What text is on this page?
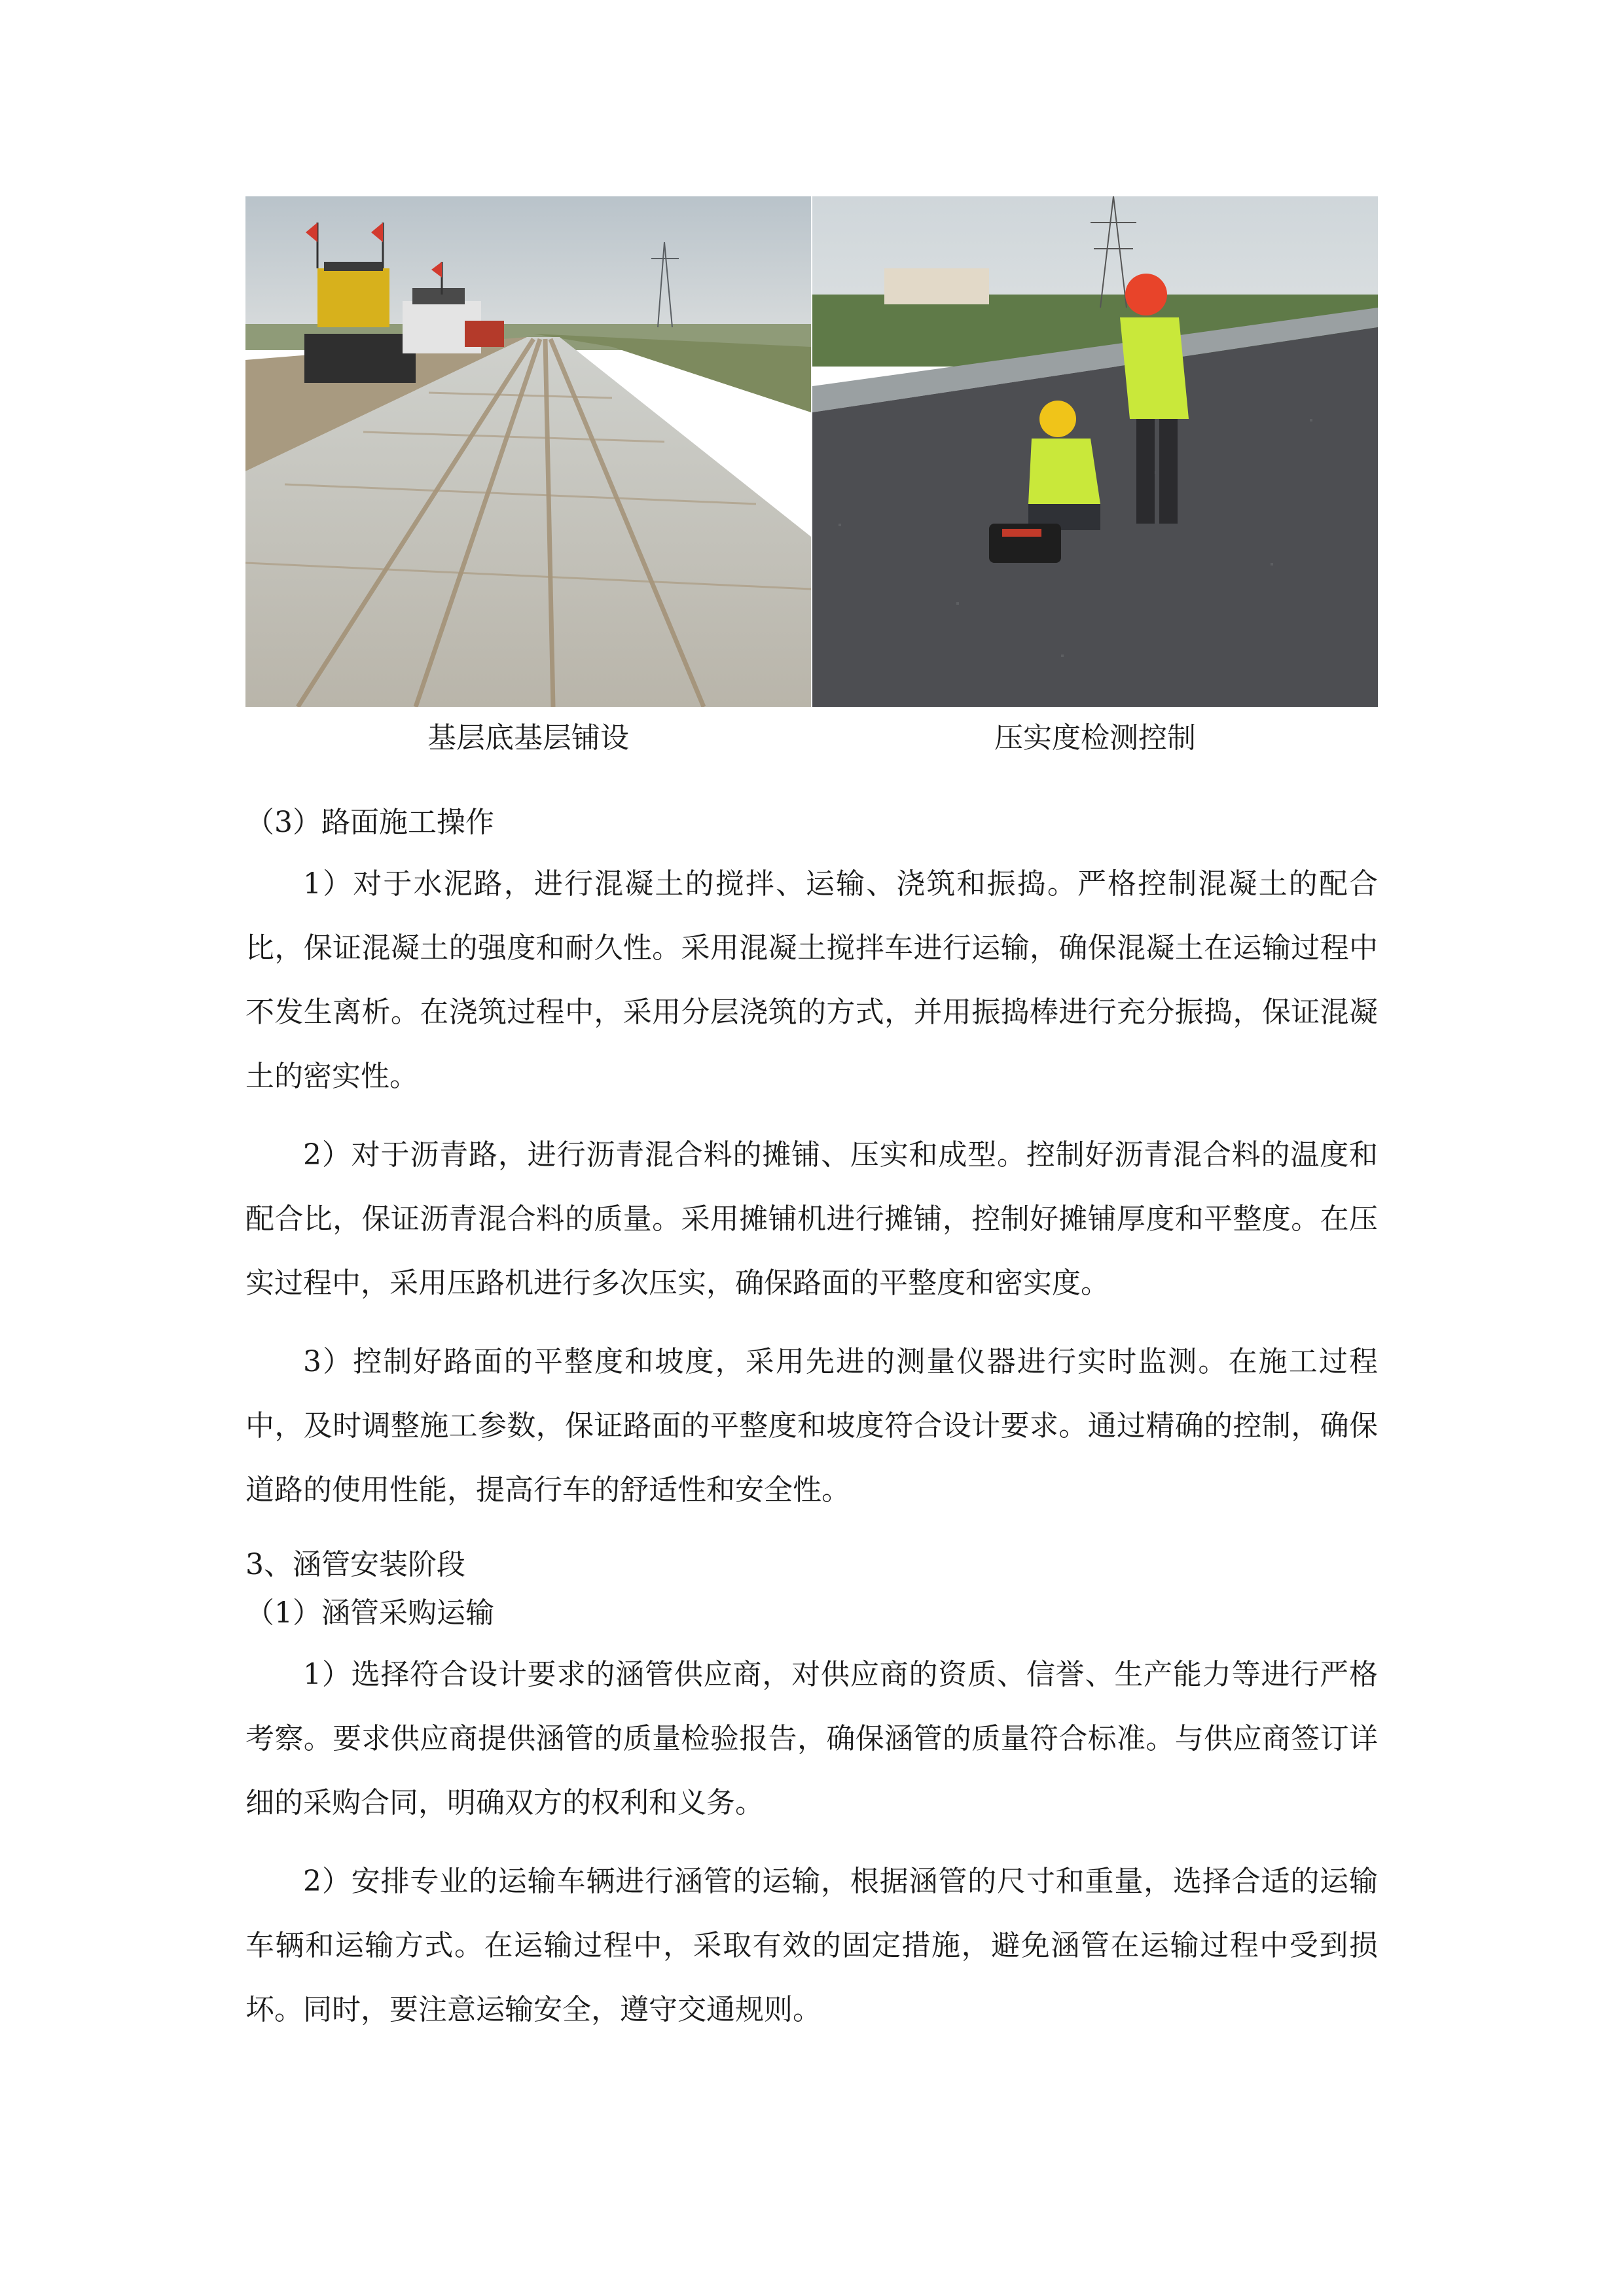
基层底基层铺设	压实度检测控制

（3）路面施工操作

1）对于水泥路，进行混凝土的搅拌、运输、浇筑和振捣。严格控制混凝土的配合比，保证混凝土的强度和耐久性。采用混凝土搅拌车进行运输，确保混凝土在运输过程中不发生离析。在浇筑过程中，采用分层浇筑的方式，并用振捣棒进行充分振捣，保证混凝土的密实性。

2）对于沥青路，进行沥青混合料的摊铺、压实和成型。控制好沥青混合料的温度和配合比，保证沥青混合料的质量。采用摊铺机进行摊铺，控制好摊铺厚度和平整度。在压实过程中，采用压路机进行多次压实，确保路面的平整度和密实度。

3）控制好路面的平整度和坡度，采用先进的测量仪器进行实时监测。在施工过程中，及时调整施工参数，保证路面的平整度和坡度符合设计要求。通过精确的控制，确保道路的使用性能，提高行车的舒适性和安全性。

3、涵管安装阶段

（1）涵管采购运输

1）选择符合设计要求的涵管供应商，对供应商的资质、信誉、生产能力等进行严格考察。要求供应商提供涵管的质量检验报告，确保涵管的质量符合标准。与供应商签订详细的采购合同，明确双方的权利和义务。

2）安排专业的运输车辆进行涵管的运输，根据涵管的尺寸和重量，选择合适的运输车辆和运输方式。在运输过程中，采取有效的固定措施，避免涵管在运输过程中受到损坏。同时，要注意运输安全，遵守交通规则。
